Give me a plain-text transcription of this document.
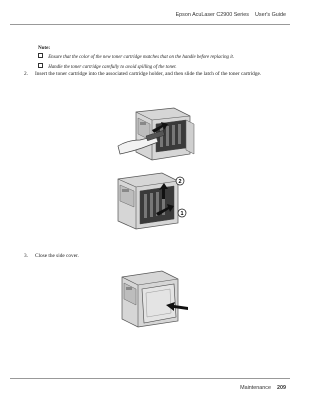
Epson AcuLaser C2900 Series User's Guide
Note:
Ensure that the color of the new toner cartridge matches that on the handle before replacing it.
Handle the toner cartridge carefully to avoid spilling of the toner.
2. Insert the toner cartridge into the associated cartridge holder, and then slide the latch of the toner cartridge.
2
1
3. Close the side cover.
Maintenance 209
